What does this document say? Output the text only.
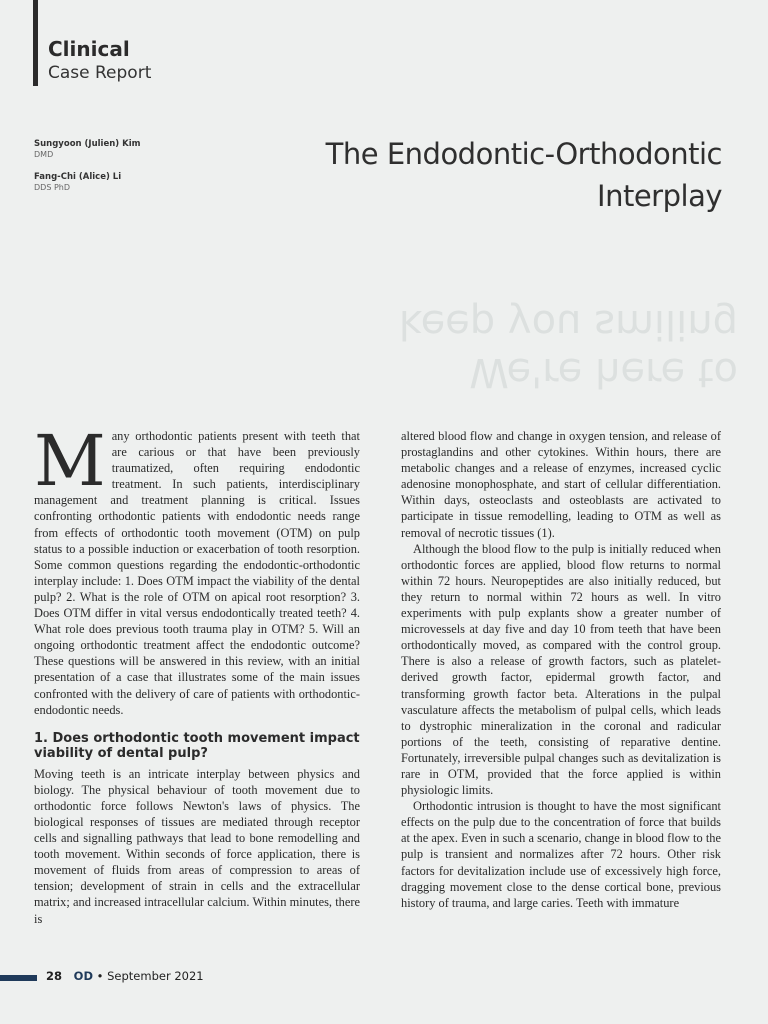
Clinical
Case Report
Sungyoon (Julien) Kim
DMD
Fang-Chi (Alice) Li
DDS PhD
The Endodontic-Orthodontic
Interplay
We're here to
keep you smiling

Many orthodontic patients present with teeth that are carious or that have been previously traumatized, often requiring endodontic treatment. In such patients, interdisciplinary management and treatment planning is critical. Issues confronting orthodontic patients with endodontic needs range from effects of orthodontic tooth movement (OTM) on pulp status to a possible induction or exacerbation of tooth resorption. Some common questions regarding the endodontic-orthodontic interplay include: 1. Does OTM impact the viability of the dental pulp? 2. What is the role of OTM on apical root resorption? 3. Does OTM differ in vital versus endodontically treated teeth? 4. What role does previous tooth trauma play in OTM? 5. Will an ongoing orthodontic treatment affect the endodontic outcome? These questions will be answered in this review, with an initial presentation of a case that illustrates some of the main issues confronted with the delivery of care of patients with orthodontic-endodontic needs.

1. Does orthodontic tooth movement impact viability of dental pulp?

Moving teeth is an intricate interplay between physics and biology. The physical behaviour of tooth movement due to orthodontic force follows Newton's laws of physics. The biological responses of tissues are mediated through receptor cells and signalling pathways that lead to bone remodelling and tooth movement. Within seconds of force application, there is movement of fluids from areas of compression to areas of tension; development of strain in cells and the extracellular matrix; and increased intracellular calcium. Within minutes, there is

altered blood flow and change in oxygen tension, and release of prostaglandins and other cytokines. Within hours, there are metabolic changes and a release of enzymes, increased cyclic adenosine monophosphate, and start of cellular differentiation. Within days, osteoclasts and osteoblasts are activated to participate in tissue remodelling, leading to OTM as well as removal of necrotic tissues (1).

Although the blood flow to the pulp is initially reduced when orthodontic forces are applied, blood flow returns to normal within 72 hours. Neuropeptides are also initially reduced, but they return to normal within 72 hours as well. In vitro experiments with pulp explants show a greater number of microvessels at day five and day 10 from teeth that have been orthodontically moved, as compared with the control group. There is also a release of growth factors, such as platelet-derived growth factor, epidermal growth factor, and transforming growth factor beta. Alterations in the pulpal vasculature affects the metabolism of pulpal cells, which leads to dystrophic mineralization in the coronal and radicular portions of the teeth, consisting of reparative dentine. Fortunately, irreversible pulpal changes such as devitalization is rare in OTM, provided that the force applied is within physiologic limits.

Orthodontic intrusion is thought to have the most significant effects on the pulp due to the concentration of force that builds at the apex. Even in such a scenario, change in blood flow to the pulp is transient and normalizes after 72 hours. Other risk factors for devitalization include use of excessively high force, dragging movement close to the dense cortical bone, previous history of trauma, and large caries. Teeth with immature

28 OD • September 2021
